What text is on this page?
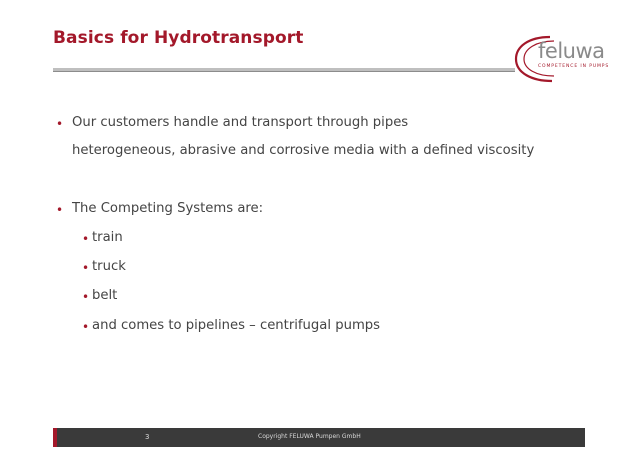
Basics for Hydrotransport
feluwa
COMPETENCE IN PUMPS
• Our customers handle and transport through pipes
heterogeneous, abrasive and corrosive media with a defined viscosity
• The Competing Systems are:
• train
• truck
• belt
• and comes to pipelines – centrifugal pumps
3	Copyright FELUWA Pumpen GmbH
